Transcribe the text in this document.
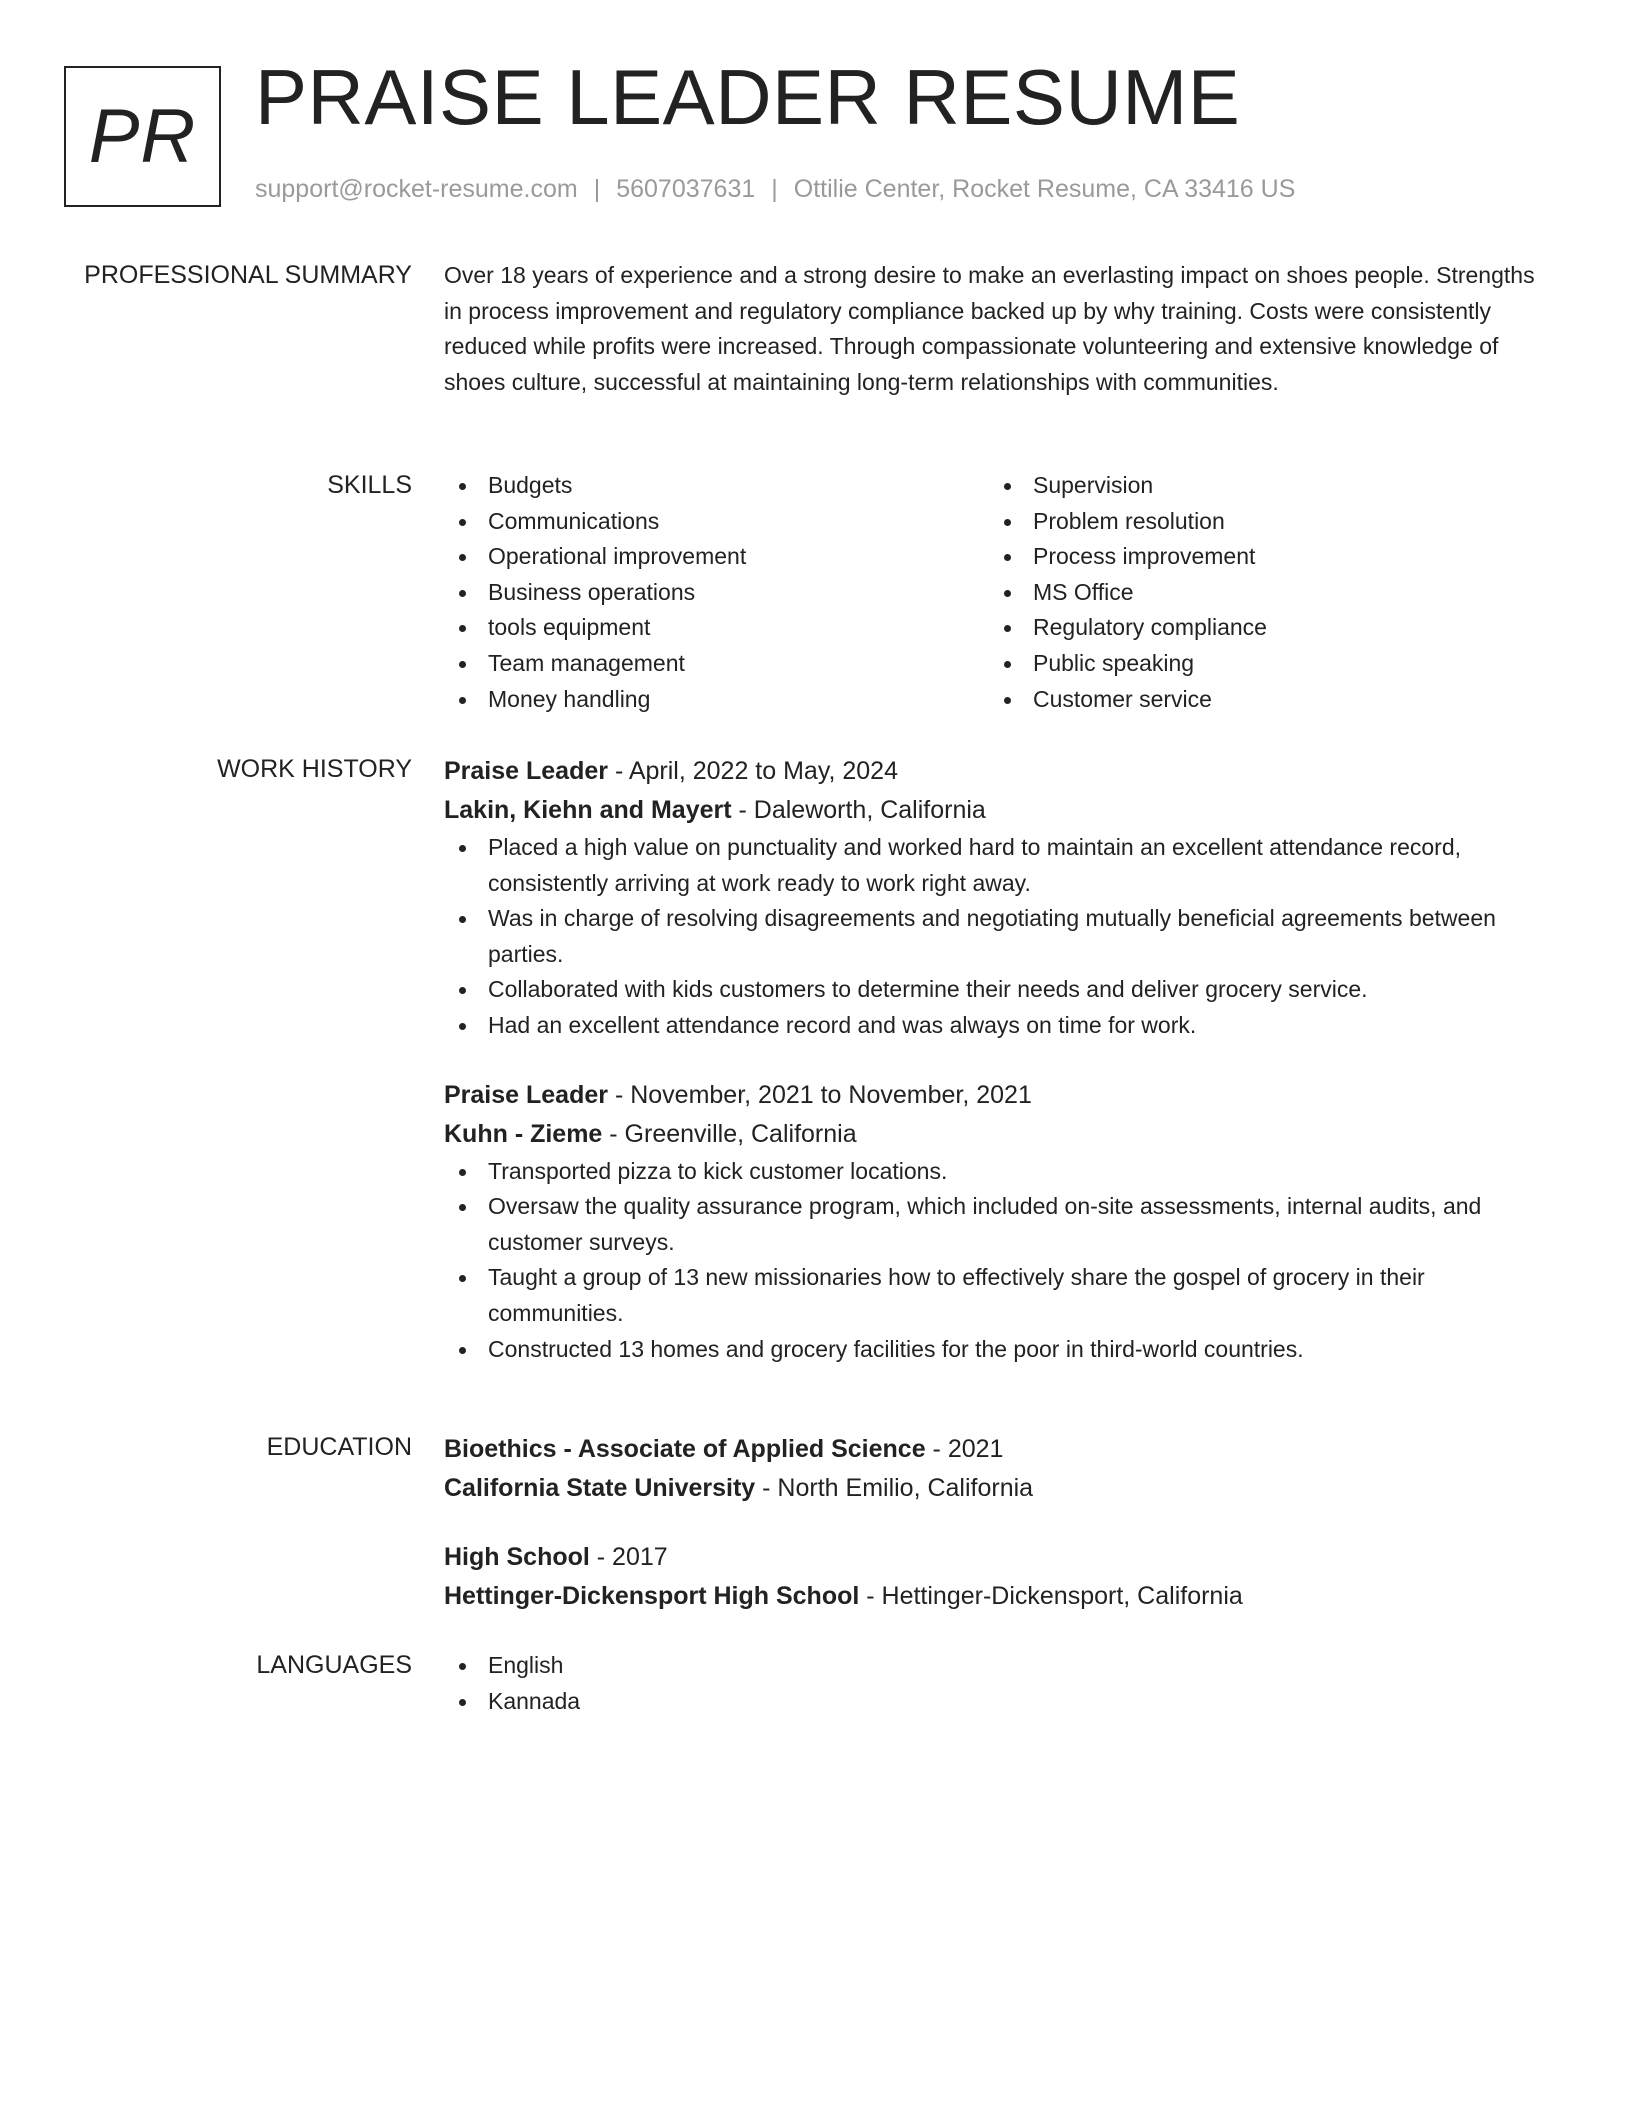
PR PRAISE LEADER RESUME
support@rocket-resume.com | 5607037631 | Ottilie Center, Rocket Resume, CA 33416 US
PROFESSIONAL SUMMARY Over 18 years of experience and a strong desire to make an everlasting impact on shoes people. Strengths in process improvement and regulatory compliance backed up by why training. Costs were consistently reduced while profits were increased. Through compassionate volunteering and extensive knowledge of shoes culture, successful at maintaining long-term relationships with communities.

SKILLS	Budgets
Communications
Operational improvement
Business operations
tools equipment
Team management
Money handling
Supervision
Problem resolution
Process improvement
MS Office
Regulatory compliance
Public speaking
Customer service
WORK HISTORY Praise Leader - April, 2022 to May, 2024
Lakin, Kiehn and Mayert - Daleworth, California
Placed a high value on punctuality and worked hard to maintain an excellent attendance record, consistently arriving at work ready to work right away.
Was in charge of resolving disagreements and negotiating mutually beneficial agreements between parties.
Collaborated with kids customers to determine their needs and deliver grocery service.
Had an excellent attendance record and was always on time for work.
Praise Leader - November, 2021 to November, 2021
Kuhn - Zieme - Greenville, California
Transported pizza to kick customer locations.
Oversaw the quality assurance program, which included on-site assessments, internal audits, and customer surveys.
Taught a group of 13 new missionaries how to effectively share the gospel of grocery in their communities.
Constructed 13 homes and grocery facilities for the poor in third-world countries.
EDUCATION Bioethics - Associate of Applied Science - 2021
California State University - North Emilio, California
High School - 2017
Hettinger-Dickensport High School - Hettinger-Dickensport, California
LANGUAGES	English
Kannada
